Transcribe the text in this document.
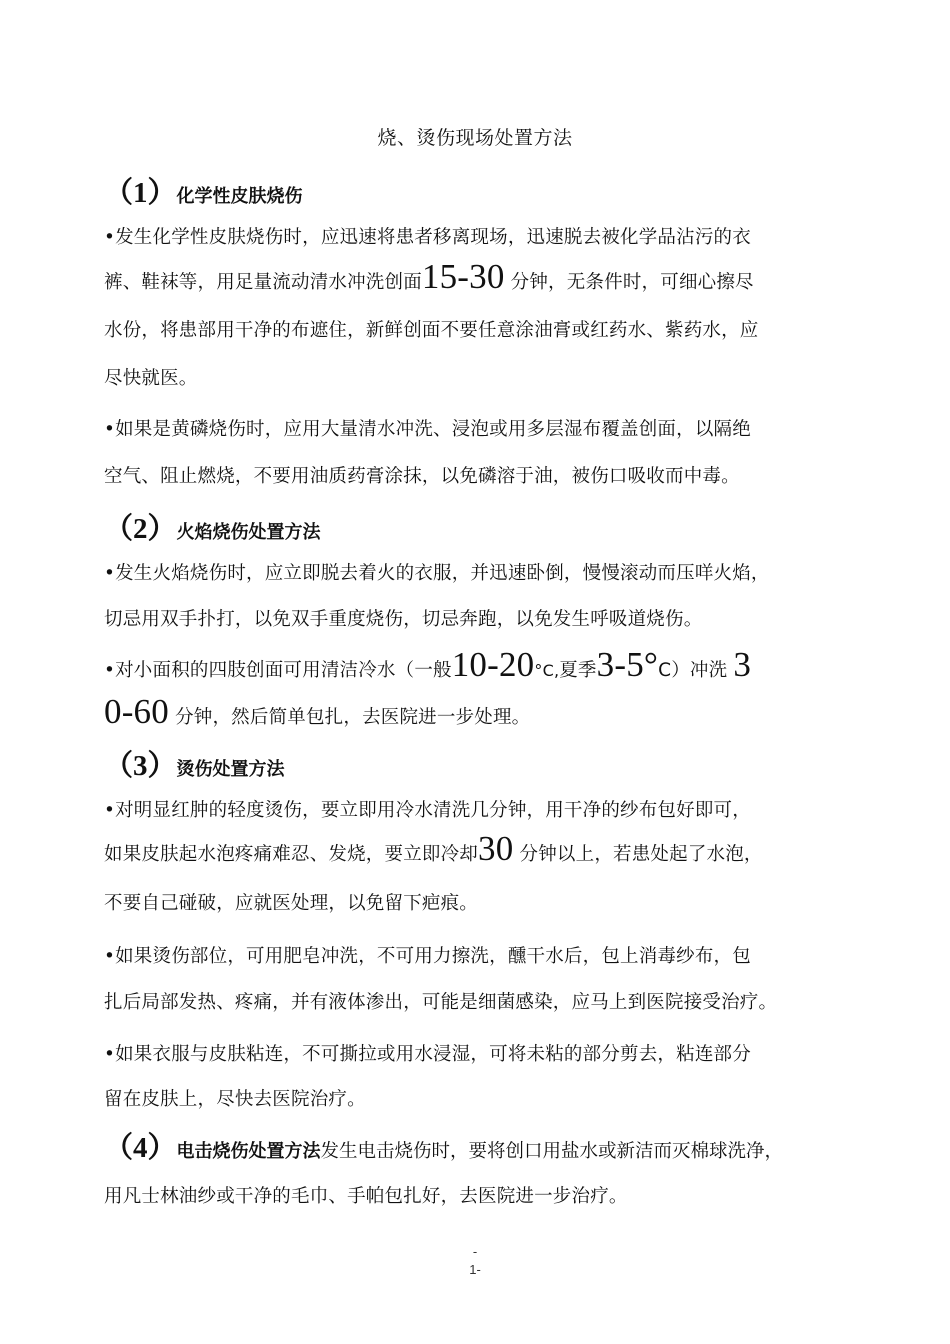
烧、烫伤现场处置方法
（1）化学性皮肤烧伤
•发生化学性皮肤烧伤时，应迅速将患者移离现场，迅速脱去被化学品沾污的衣
裤、鞋袜等，用足量流动清水冲洗创面15-30 分钟，无条件时，可细心擦尽
水份，将患部用干净的布遮住，新鲜创面不要任意涂油膏或红药水、紫药水，应
尽快就医。
•如果是黄磷烧伤时，应用大量清水冲洗、浸泡或用多层湿布覆盖创面，以隔绝
空气、阻止燃烧，不要用油质药膏涂抹，以免磷溶于油，被伤口吸收而中毒。
（2）火焰烧伤处置方法
•发生火焰烧伤时，应立即脱去着火的衣服，并迅速卧倒，慢慢滚动而压咩火焰，
切忌用双手扑打，以免双手重度烧伤，切忌奔跑，以免发生呼吸道烧伤。
•对小面积的四肢创面可用清洁冷水（一般10-20°C,夏季3-5°C）冲洗 3
0-60 分钟，然后简单包扎，去医院进一步处理。
（3）烫伤处置方法
•对明显红肿的轻度烫伤，要立即用冷水清洗几分钟，用干净的纱布包好即可，
如果皮肤起水泡疼痛难忍、发烧，要立即冷却30 分钟以上，若患处起了水泡，
不要自己碰破，应就医处理，以免留下疤痕。
•如果烫伤部位，可用肥皂冲洗，不可用力擦洗，醺干水后，包上消毒纱布，包
扎后局部发热、疼痛，并有液体渗出，可能是细菌感染，应马上到医院接受治疗。
•如果衣服与皮肤粘连，不可撕拉或用水浸湿，可将未粘的部分剪去，粘连部分
留在皮肤上，尽快去医院治疗。
（4）电击烧伤处置方法发生电击烧伤时，要将创口用盐水或新洁而灭棉球洗净，
用凡士林油纱或干净的毛巾、手帕包扎好，去医院进一步治疗。
-
1-
